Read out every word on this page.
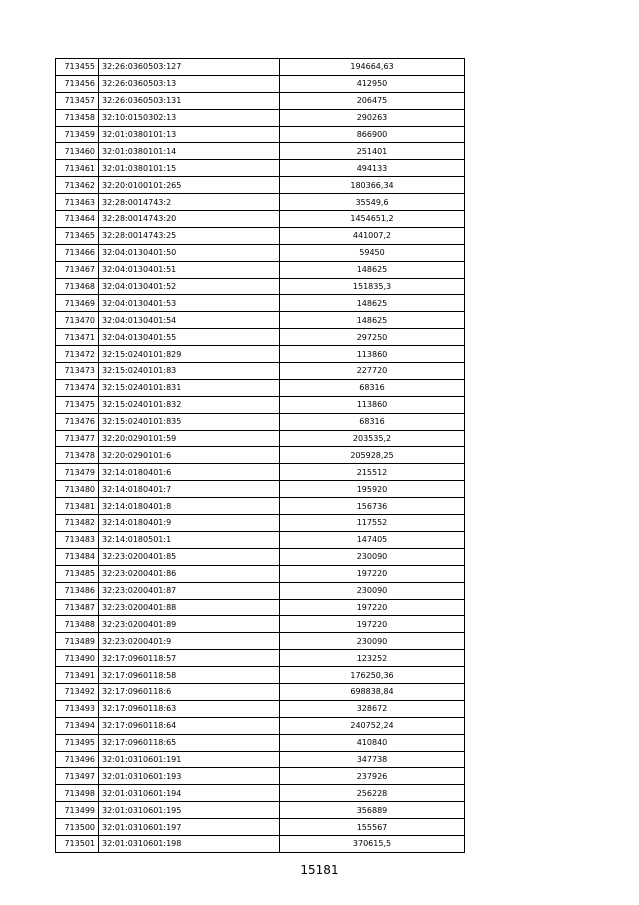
713455	32:26:0360503:127	194664,63
713456	32:26:0360503:13	412950
713457	32:26:0360503:131	206475
713458	32:10:0150302:13	290263
713459	32:01:0380101:13	866900
713460	32:01:0380101:14	251401
713461	32:01:0380101:15	494133
713462	32:20:0100101:265	180366,34
713463	32:28:0014743:2	35549,6
713464	32:28:0014743:20	1454651,2
713465	32:28:0014743:25	441007,2
713466	32:04:0130401:50	59450
713467	32:04:0130401:51	148625
713468	32:04:0130401:52	151835,3
713469	32:04:0130401:53	148625
713470	32:04:0130401:54	148625
713471	32:04:0130401:55	297250
713472	32:15:0240101:829	113860
713473	32:15:0240101:83	227720
713474	32:15:0240101:831	68316
713475	32:15:0240101:832	113860
713476	32:15:0240101:835	68316
713477	32:20:0290101:59	203535,2
713478	32:20:0290101:6	205928,25
713479	32:14:0180401:6	215512
713480	32:14:0180401:7	195920
713481	32:14:0180401:8	156736
713482	32:14:0180401:9	117552
713483	32:14:0180501:1	147405
713484	32:23:0200401:85	230090
713485	32:23:0200401:86	197220
713486	32:23:0200401:87	230090
713487	32:23:0200401:88	197220
713488	32:23:0200401:89	197220
713489	32:23:0200401:9	230090
713490	32:17:0960118:57	123252
713491	32:17:0960118:58	176250,36
713492	32:17:0960118:6	698838,84
713493	32:17:0960118:63	328672
713494	32:17:0960118:64	240752,24
713495	32:17:0960118:65	410840
713496	32:01:0310601:191	347738
713497	32:01:0310601:193	237926
713498	32:01:0310601:194	256228
713499	32:01:0310601:195	356889
713500	32:01:0310601:197	155567
713501	32:01:0310601:198	370615,5
15181
